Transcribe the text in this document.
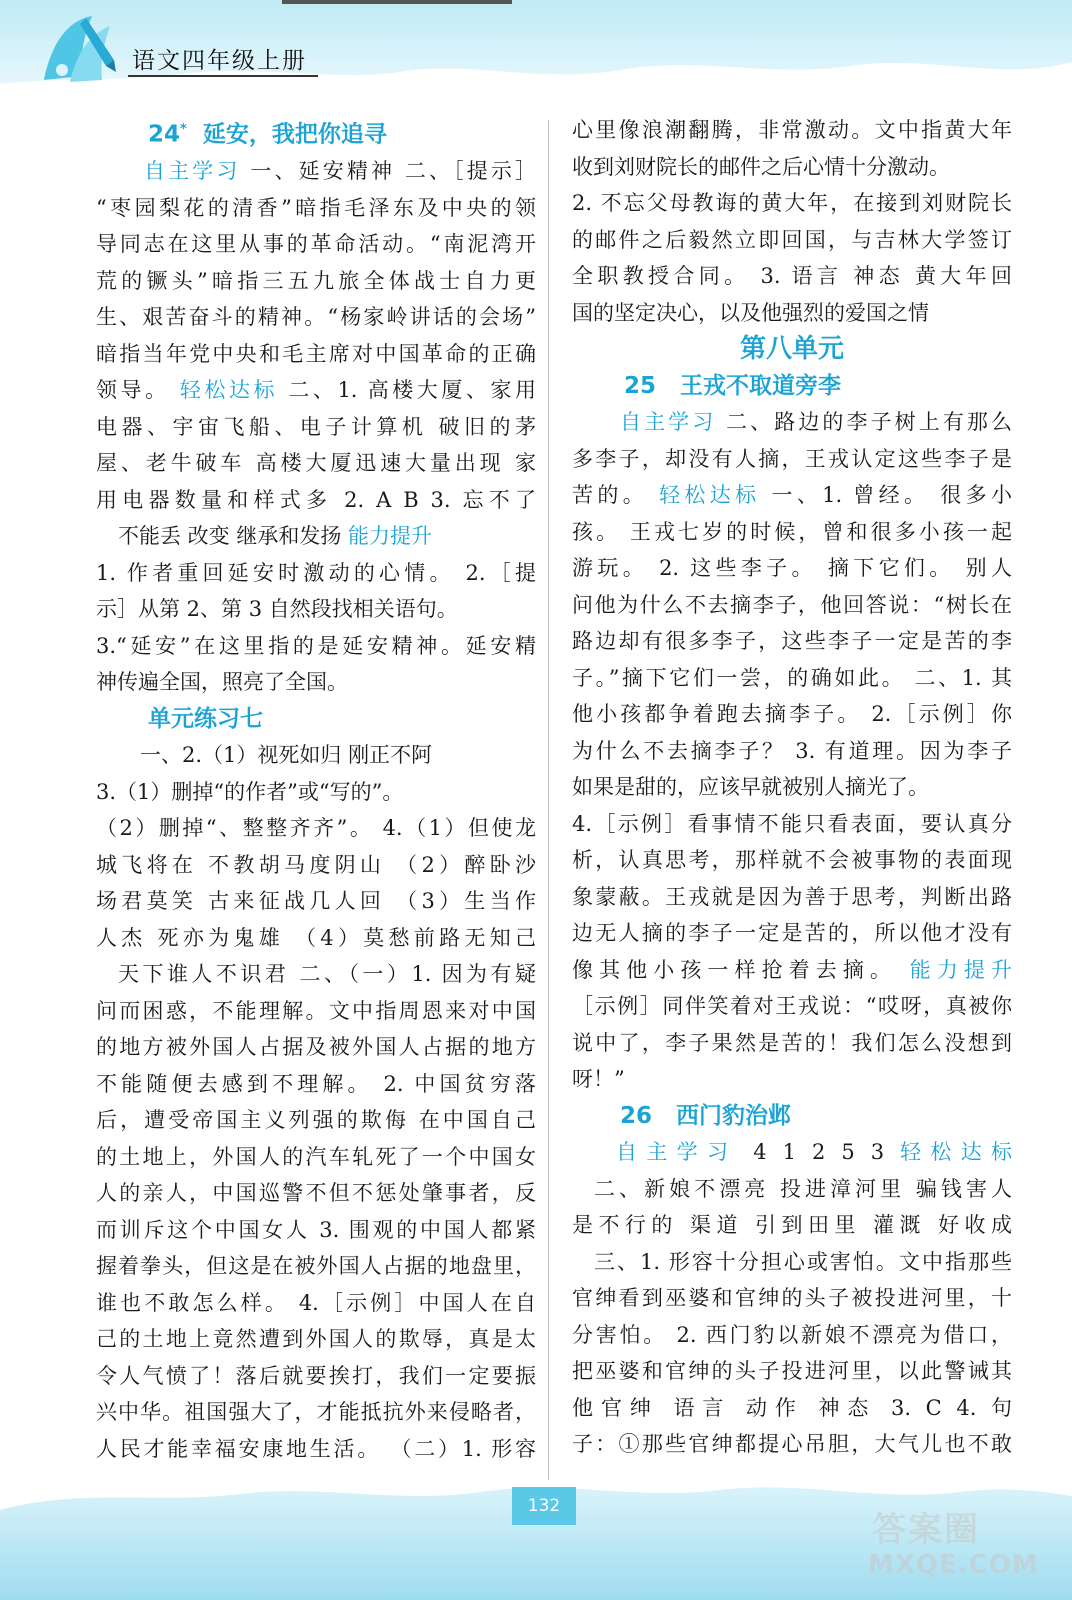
语文四年级上册

24* 延安，我把你追寻

自主学习 一、延安精神 二、［提示］

“枣园梨花的清香”暗指毛泽东及中央的领

导同志在这里从事的革命活动。“南泥湾开

荒的镢头”暗指三五九旅全体战士自力更

生、艰苦奋斗的精神。“杨家岭讲话的会场”

暗指当年党中央和毛主席对中国革命的正确

领导。 轻松达标 二、1. 高楼大厦、家用

电器、宇宙飞船、电子计算机 破旧的茅

屋、老牛破车 高楼大厦迅速大量出现 家

用电器数量和样式多 2. A B 3. 忘不了

不能丢 改变 继承和发扬 能力提升

1. 作者重回延安时激动的心情。 2.［提

示］从第 2、第 3 自然段找相关语句。

3.“延安”在这里指的是延安精神。延安精

神传遍全国，照亮了全国。

单元练习七

一、2.（1）视死如归 刚正不阿

3.（1）删掉“的作者”或“写的”。

（2）删掉“、整整齐齐”。 4.（1）但使龙

城飞将在 不教胡马度阴山 （2）醉卧沙

场君莫笑 古来征战几人回 （3）生当作

人杰 死亦为鬼雄 （4）莫愁前路无知己

天下谁人不识君 二、（一）1. 因为有疑

问而困惑，不能理解。文中指周恩来对中国

的地方被外国人占据及被外国人占据的地方

不能随便去感到不理解。 2. 中国贫穷落

后，遭受帝国主义列强的欺侮 在中国自己

的土地上，外国人的汽车轧死了一个中国女

人的亲人，中国巡警不但不惩处肇事者，反

而训斥这个中国女人 3. 围观的中国人都紧

握着拳头，但这是在被外国人占据的地盘里，

谁也不敢怎么样。 4.［示例］中国人在自

己的土地上竟然遭到外国人的欺辱，真是太

令人气愤了！落后就要挨打，我们一定要振

兴中华。祖国强大了，才能抵抗外来侵略者，

人民才能幸福安康地生活。 （二）1. 形容

心里像浪潮翻腾，非常激动。文中指黄大年

收到刘财院长的邮件之后心情十分激动。

2. 不忘父母教诲的黄大年，在接到刘财院长

的邮件之后毅然立即回国，与吉林大学签订

全职教授合同。 3. 语言 神态 黄大年回

国的坚定决心，以及他强烈的爱国之情

第八单元

25 王戎不取道旁李

自主学习 二、路边的李子树上有那么

多李子，却没有人摘，王戎认定这些李子是

苦的。 轻松达标 一、1. 曾经。 很多小

孩。 王戎七岁的时候，曾和很多小孩一起

游玩。 2. 这些李子。 摘下它们。 别人

问他为什么不去摘李子，他回答说：“树长在

路边却有很多李子，这些李子一定是苦的李

子。”摘下它们一尝，的确如此。 二、1. 其

他小孩都争着跑去摘李子。 2.［示例］你

为什么不去摘李子？ 3. 有道理。因为李子

如果是甜的，应该早就被别人摘光了。

4.［示例］看事情不能只看表面，要认真分

析，认真思考，那样就不会被事物的表面现

象蒙蔽。王戎就是因为善于思考，判断出路

边无人摘的李子一定是苦的，所以他才没有

像其他小孩一样抢着去摘。 能力提升

［示例］同伴笑着对王戎说：“哎呀，真被你

说中了，李子果然是苦的！我们怎么没想到

呀！”

26 西门豹治邺

自主学习 4 1 2 5 3 轻松达标

二、新娘不漂亮 投进漳河里 骗钱害人

是不行的 渠道 引到田里 灌溉 好收成

三、1. 形容十分担心或害怕。文中指那些

官绅看到巫婆和官绅的头子被投进河里，十

分害怕。 2. 西门豹以新娘不漂亮为借口，

把巫婆和官绅的头子投进河里，以此警诫其

他官绅 语言 动作 神态 3. C 4. 句

子：①那些官绅都提心吊胆，大气儿也不敢

132
答案圈
MXQE.COM
